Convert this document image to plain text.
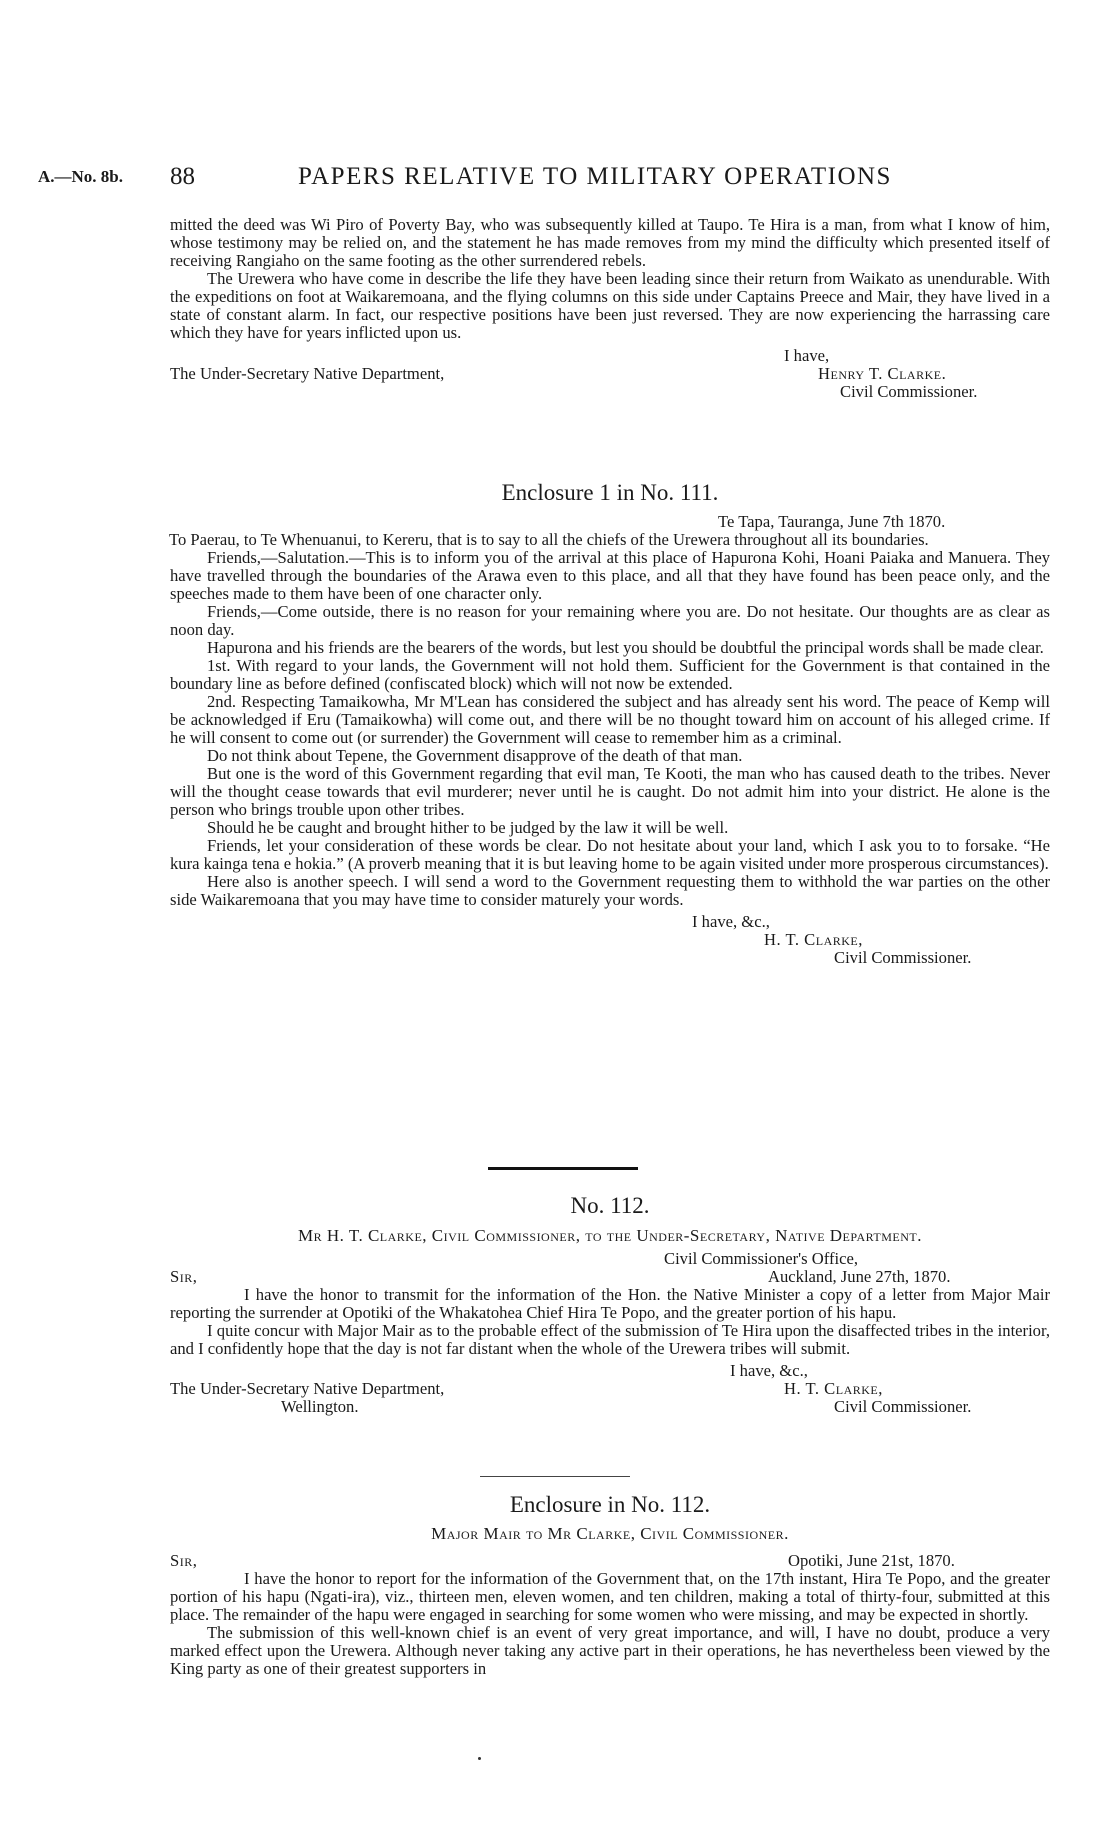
A.—No. 8b. 88	PAPERS RELATIVE TO MILITARY OPERATIONS

mitted the deed was Wi Piro of Poverty Bay, who was subsequently killed at Taupo. Te Hira is a man, from what I know of him, whose testimony may be relied on, and the statement he has made removes from my mind the difficulty which presented itself of receiving Rangiaho on the same footing as the other surrendered rebels.

The Urewera who have come in describe the life they have been leading since their return from Waikato as unendurable. With the expeditions on foot at Waikaremoana, and the flying columns on this side under Captains Preece and Mair, they have lived in a state of constant alarm. In fact, our respective positions have been just reversed. They are now experiencing the harrassing care which they have for years inflicted upon us.

I have,
The Under-Secretary Native Department,	Henry T. Clarke.
Civil Commissioner.
Enclosure 1 in No. 111.
Te Tapa, Tauranga, June 7th 1870.

To Paerau, to Te Whenuanui, to Kereru, that is to say to all the chiefs of the Urewera throughout all its boundaries.

Friends,—Salutation.—This is to inform you of the arrival at this place of Hapurona Kohi, Hoani Paiaka and Manuera. They have travelled through the boundaries of the Arawa even to this place, and all that they have found has been peace only, and the speeches made to them have been of one character only.

Friends,—Come outside, there is no reason for your remaining where you are. Do not hesitate. Our thoughts are as clear as noon day.

Hapurona and his friends are the bearers of the words, but lest you should be doubtful the principal words shall be made clear.

1st. With regard to your lands, the Government will not hold them. Sufficient for the Government is that contained in the boundary line as before defined (confiscated block) which will not now be extended.

2nd. Respecting Tamaikowha, Mr M'Lean has considered the subject and has already sent his word. The peace of Kemp will be acknowledged if Eru (Tamaikowha) will come out, and there will be no thought toward him on account of his alleged crime. If he will consent to come out (or surrender) the Government will cease to remember him as a criminal.

Do not think about Tepene, the Government disapprove of the death of that man.

But one is the word of this Government regarding that evil man, Te Kooti, the man who has caused death to the tribes. Never will the thought cease towards that evil murderer; never until he is caught. Do not admit him into your district. He alone is the person who brings trouble upon other tribes.

Should he be caught and brought hither to be judged by the law it will be well.

Friends, let your consideration of these words be clear. Do not hesitate about your land, which I ask you to to forsake. “He kura kainga tena e hokia.” (A proverb meaning that it is but leaving home to be again visited under more prosperous circumstances).

Here also is another speech. I will send a word to the Government requesting them to withhold the war parties on the other side Waikaremoana that you may have time to consider maturely your words.

I have, &c.,
H. T. Clarke,
Civil Commissioner.
No. 112.
Mr H. T. Clarke, Civil Commissioner, to the Under-Secretary, Native Department.
Civil Commissioner's Office,
Sir,	Auckland, June 27th, 1870.

I have the honor to transmit for the information of the Hon. the Native Minister a copy of a letter from Major Mair reporting the surrender at Opotiki of the Whakatohea Chief Hira Te Popo, and the greater portion of his hapu.

I quite concur with Major Mair as to the probable effect of the submission of Te Hira upon the disaffected tribes in the interior, and I confidently hope that the day is not far distant when the whole of the Urewera tribes will submit.

I have, &c.,
The Under-Secretary Native Department,	H. T. Clarke,
Wellington.	Civil Commissioner.
Enclosure in No. 112.
Major Mair to Mr Clarke, Civil Commissioner.
Sir,	Opotiki, June 21st, 1870.

I have the honor to report for the information of the Government that, on the 17th instant, Hira Te Popo, and the greater portion of his hapu (Ngati-ira), viz., thirteen men, eleven women, and ten children, making a total of thirty-four, submitted at this place. The remainder of the hapu were engaged in searching for some women who were missing, and may be expected in shortly.

The submission of this well-known chief is an event of very great importance, and will, I have no doubt, produce a very marked effect upon the Urewera. Although never taking any active part in their operations, he has nevertheless been viewed by the King party as one of their greatest supporters in
